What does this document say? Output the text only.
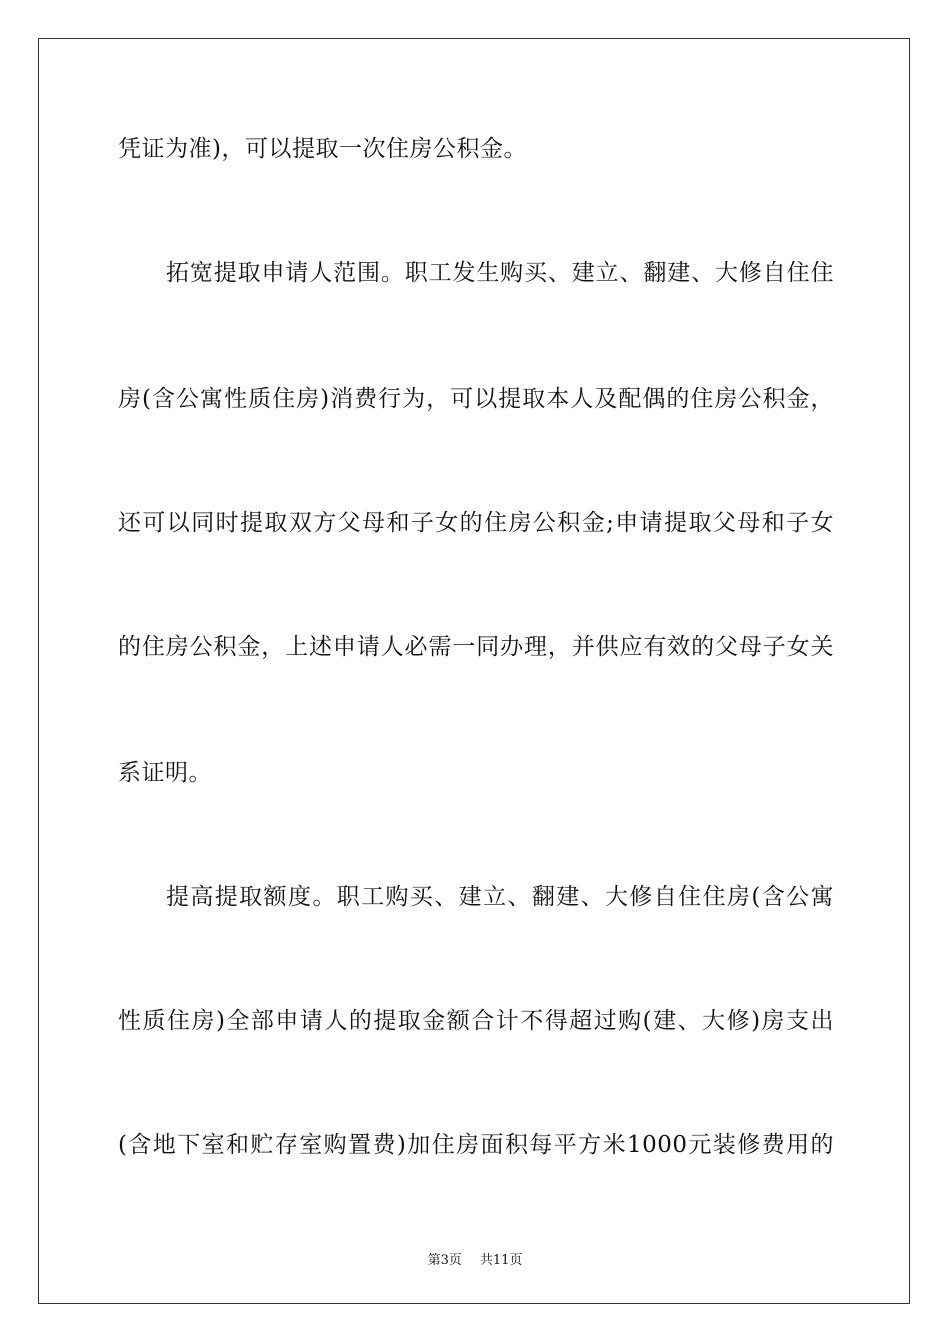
凭证为准)，可以提取一次住房公积金。
拓宽提取申请人范围。职工发生购买、建立、翻建、大修自住住
房(含公寓性质住房)消费行为，可以提取本人及配偶的住房公积金，
还可以同时提取双方父母和子女的住房公积金;申请提取父母和子女
的住房公积金，上述申请人必需一同办理，并供应有效的父母子女关
系证明。
提高提取额度。职工购买、建立、翻建、大修自住住房(含公寓
性质住房)全部申请人的提取金额合计不得超过购(建、大修)房支出
(含地下室和贮存室购置费)加住房面积每平方米1000元装修费用的
第3页 共11页
